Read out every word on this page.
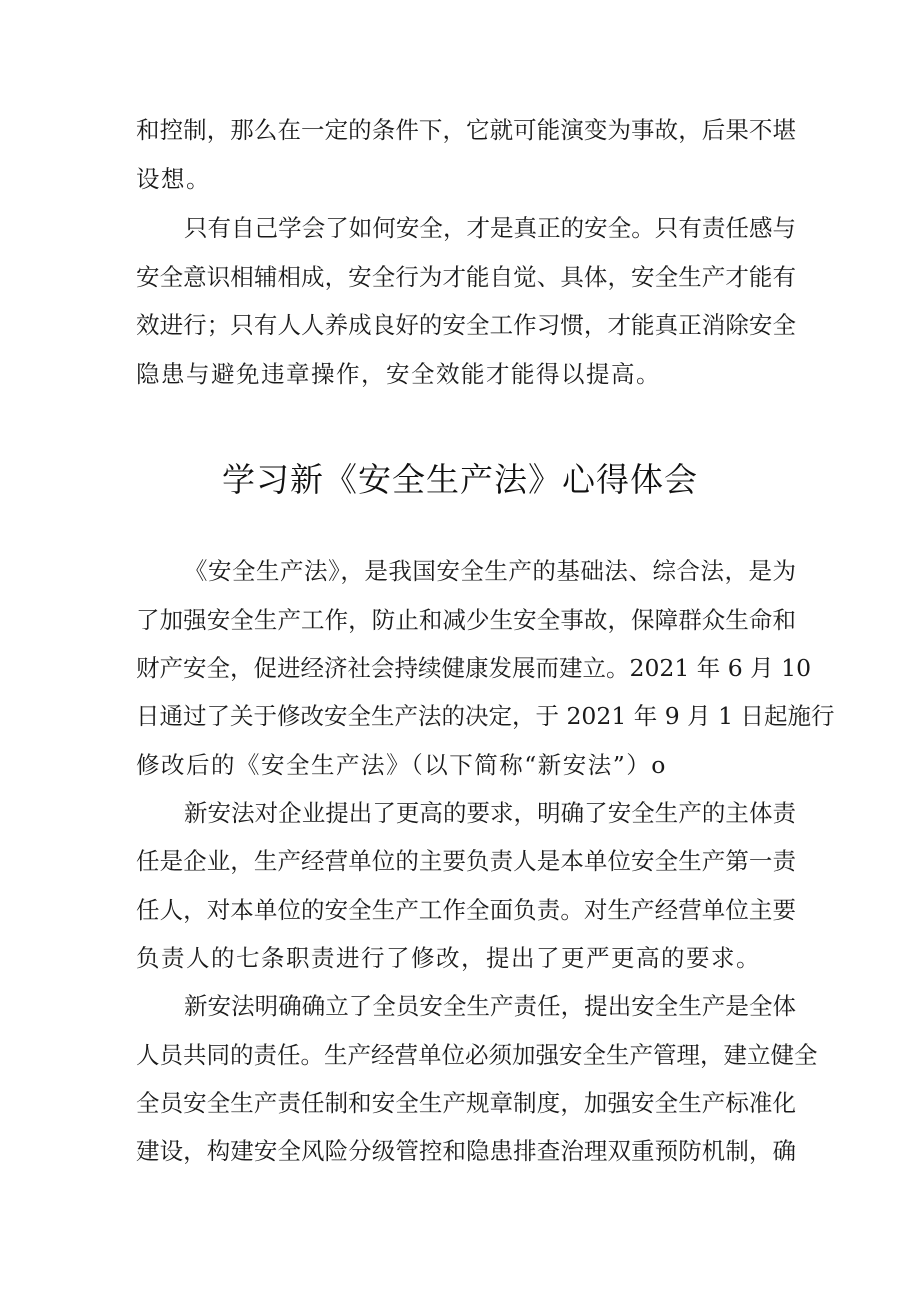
和控制，那么在一定的条件下，它就可能演变为事故，后果不堪
设想。
只有自己学会了如何安全，才是真正的安全。只有责任感与
安全意识相辅相成，安全行为才能自觉、具体，安全生产才能有
效进行；只有人人养成良好的安全工作习惯，才能真正消除安全
隐患与避免违章操作，安全效能才能得以提高。
学习新《安全生产法》心得体会
《安全生产法》，是我国安全生产的基础法、综合法，是为
了加强安全生产工作，防止和减少生安全事故，保障群众生命和
财产安全，促进经济社会持续健康发展而建立。2021 年 6 月 10
日通过了关于修改安全生产法的决定，于 2021 年 9 月 1 日起施行
修改后的《安全生产法》（以下简称“新安法”）o
新安法对企业提出了更高的要求，明确了安全生产的主体责
任是企业，生产经营单位的主要负责人是本单位安全生产第一责
任人，对本单位的安全生产工作全面负责。对生产经营单位主要
负责人的七条职责进行了修改，提出了更严更高的要求。
新安法明确确立了全员安全生产责任，提出安全生产是全体
人员共同的责任。生产经营单位必须加强安全生产管理，建立健全
全员安全生产责任制和安全生产规章制度，加强安全生产标准化
建设，构建安全风险分级管控和隐患排查治理双重预防机制，确
